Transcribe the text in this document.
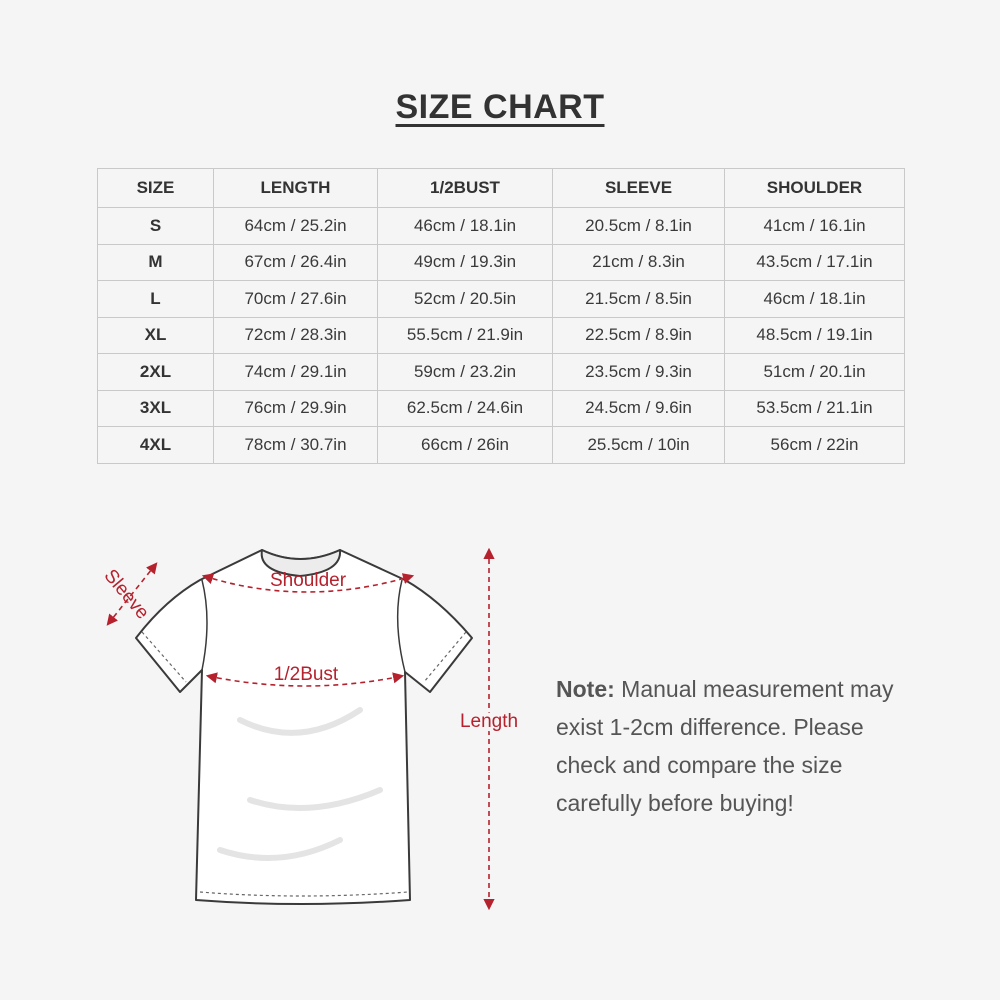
SIZE CHART
SIZE	LENGTH	1/2BUST	SLEEVE	SHOULDER
S	64cm / 25.2in	46cm / 18.1in	20.5cm / 8.1in	41cm / 16.1in
M	67cm / 26.4in	49cm / 19.3in	21cm / 8.3in	43.5cm / 17.1in
L	70cm / 27.6in	52cm / 20.5in	21.5cm / 8.5in	46cm / 18.1in
XL	72cm / 28.3in	55.5cm / 21.9in	22.5cm / 8.9in	48.5cm / 19.1in
2XL	74cm / 29.1in	59cm / 23.2in	23.5cm / 9.3in	51cm / 20.1in
3XL	76cm / 29.9in	62.5cm / 24.6in	24.5cm / 9.6in	53.5cm / 21.1in
4XL	78cm / 30.7in	66cm / 26in	25.5cm / 10in	56cm / 22in
Shoulder
1/2Bust
Sleeve
Length
Note: Manual measurement may exist 1-2cm difference. Please check and compare the size carefully before buying!
